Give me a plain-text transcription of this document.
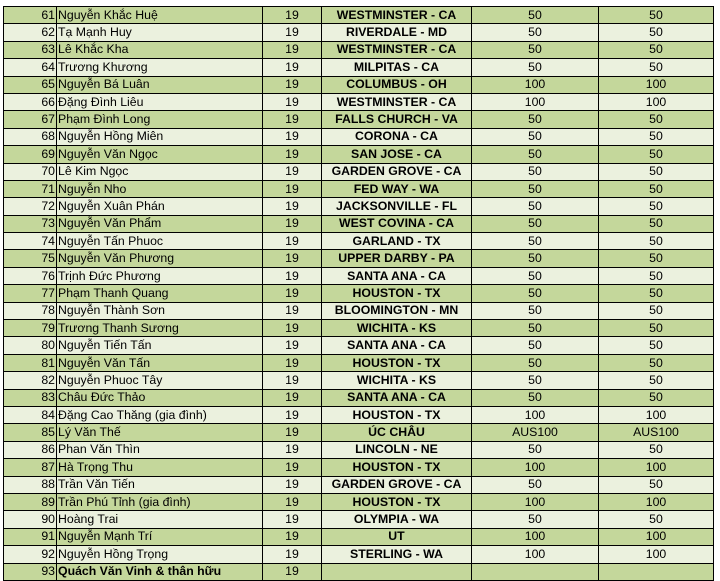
61	Nguyễn Khắc Huệ	19	WESTMINSTER - CA	50	50
62	Tạ Mạnh Huy	19	RIVERDALE - MD	50	50
63	Lê Khắc Kha	19	WESTMINSTER - CA	50	50
64	Trương Khương	19	MILPITAS - CA	50	50
65	Nguyễn Bá Luân	19	COLUMBUS - OH	100	100
66	Đặng Đình Liêu	19	WESTMINSTER - CA	100	100
67	Phạm Đình Long	19	FALLS CHURCH - VA	50	50
68	Nguyễn Hồng Miên	19	CORONA - CA	50	50
69	Nguyễn Văn Ngọc	19	SAN JOSE - CA	50	50
70	Lê Kim Ngọc	19	GARDEN GROVE - CA	50	50
71	Nguyễn Nho	19	FED WAY - WA	50	50
72	Nguyễn Xuân Phán	19	JACKSONVILLE - FL	50	50
73	Nguyễn Văn Phẩm	19	WEST COVINA - CA	50	50
74	Nguyễn Tấn Phuoc	19	GARLAND - TX	50	50
75	Nguyễn Văn Phương	19	UPPER DARBY - PA	50	50
76	Trịnh Đức Phương	19	SANTA ANA - CA	50	50
77	Phạm Thanh Quang	19	HOUSTON - TX	50	50
78	Nguyễn Thành Sơn	19	BLOOMINGTON - MN	50	50
79	Trương Thanh Sương	19	WICHITA - KS	50	50
80	Nguyễn Tiến Tấn	19	SANTA ANA - CA	50	50
81	Nguyễn Văn Tấn	19	HOUSTON - TX	50	50
82	Nguyễn Phuoc Tây	19	WICHITA - KS	50	50
83	Châu Đức Thảo	19	SANTA ANA - CA	50	50
84	Đặng Cao Thăng (gia đình)	19	HOUSTON - TX	100	100
85	Lý Văn Thế	19	ÚC CHÂU	AUS100	AUS100
86	Phan Văn Thìn	19	LINCOLN - NE	50	50
87	Hà Trọng Thu	19	HOUSTON - TX	100	100
88	Trần Văn Tiến	19	GARDEN GROVE - CA	50	50
89	Trần Phú Tỉnh (gia đình)	19	HOUSTON - TX	100	100
90	Hoàng Trai	19	OLYMPIA - WA	50	50
91	Nguyễn Mạnh Trí	19	UT	100	100
92	Nguyễn Hồng Trọng	19	STERLING - WA	100	100
93	Quách Văn Vinh & thân hữu	19			
